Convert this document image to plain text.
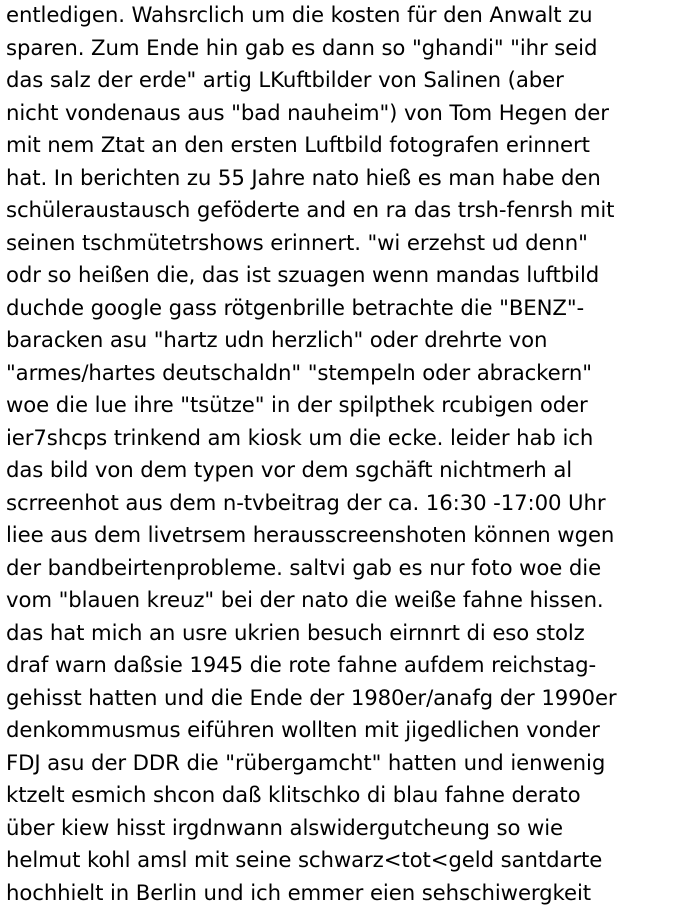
entledigen. Wahsrclich um die kosten für den Anwalt zu
sparen. Zum Ende hin gab es dann so "ghandi" "ihr seid
das salz der erde" artig LKuftbilder von Salinen (aber
nicht vondenaus aus "bad nauheim") von Tom Hegen der
mit nem Ztat an den ersten Luftbild fotografen erinnert
hat. In berichten zu 55 Jahre nato hieß es man habe den
schüleraustausch geföderte and en ra das trsh-fenrsh mit
seinen tschmütetrshows erinnert. "wi erzehst ud denn"
odr so heißen die, das ist szuagen wenn mandas luftbild
duchde google gass rötgenbrille betrachte die "BENZ"-
baracken asu "hartz udn herzlich" oder drehrte von
"armes/hartes deutschaldn" "stempeln oder abrackern"
woe die lue ihre "tsütze" in der spilpthek rcubigen oder
ier7shcps trinkend am kiosk um die ecke. leider hab ich
das bild von dem typen vor dem sgchäft nichtmerh al
scrreenhot aus dem n-tvbeitrag der ca. 16:30 -17:00 Uhr
liee aus dem livetrsem herausscreenshoten können wgen
der bandbeirtenprobleme. saltvi gab es nur foto woe die
vom "blauen kreuz" bei der nato die weiße fahne hissen.
das hat mich an usre ukrien besuch eirnnrt di eso stolz
draf warn daßsie 1945 die rote fahne aufdem reichstag-
gehisst hatten und die Ende der 1980er/anafg der 1990er
denkommusmus eiführen wollten mit jigedlichen vonder
FDJ asu der DDR die "rübergamcht" hatten und ienwenig
ktzelt esmich shcon daß klitschko di blau fahne derato
über kiew hisst irgdnwann alswidergutcheung so wie
helmut kohl amsl mit seine schwarz<tot<geld santdarte
hochhielt in Berlin und ich emmer eien sehschiwergkeit
